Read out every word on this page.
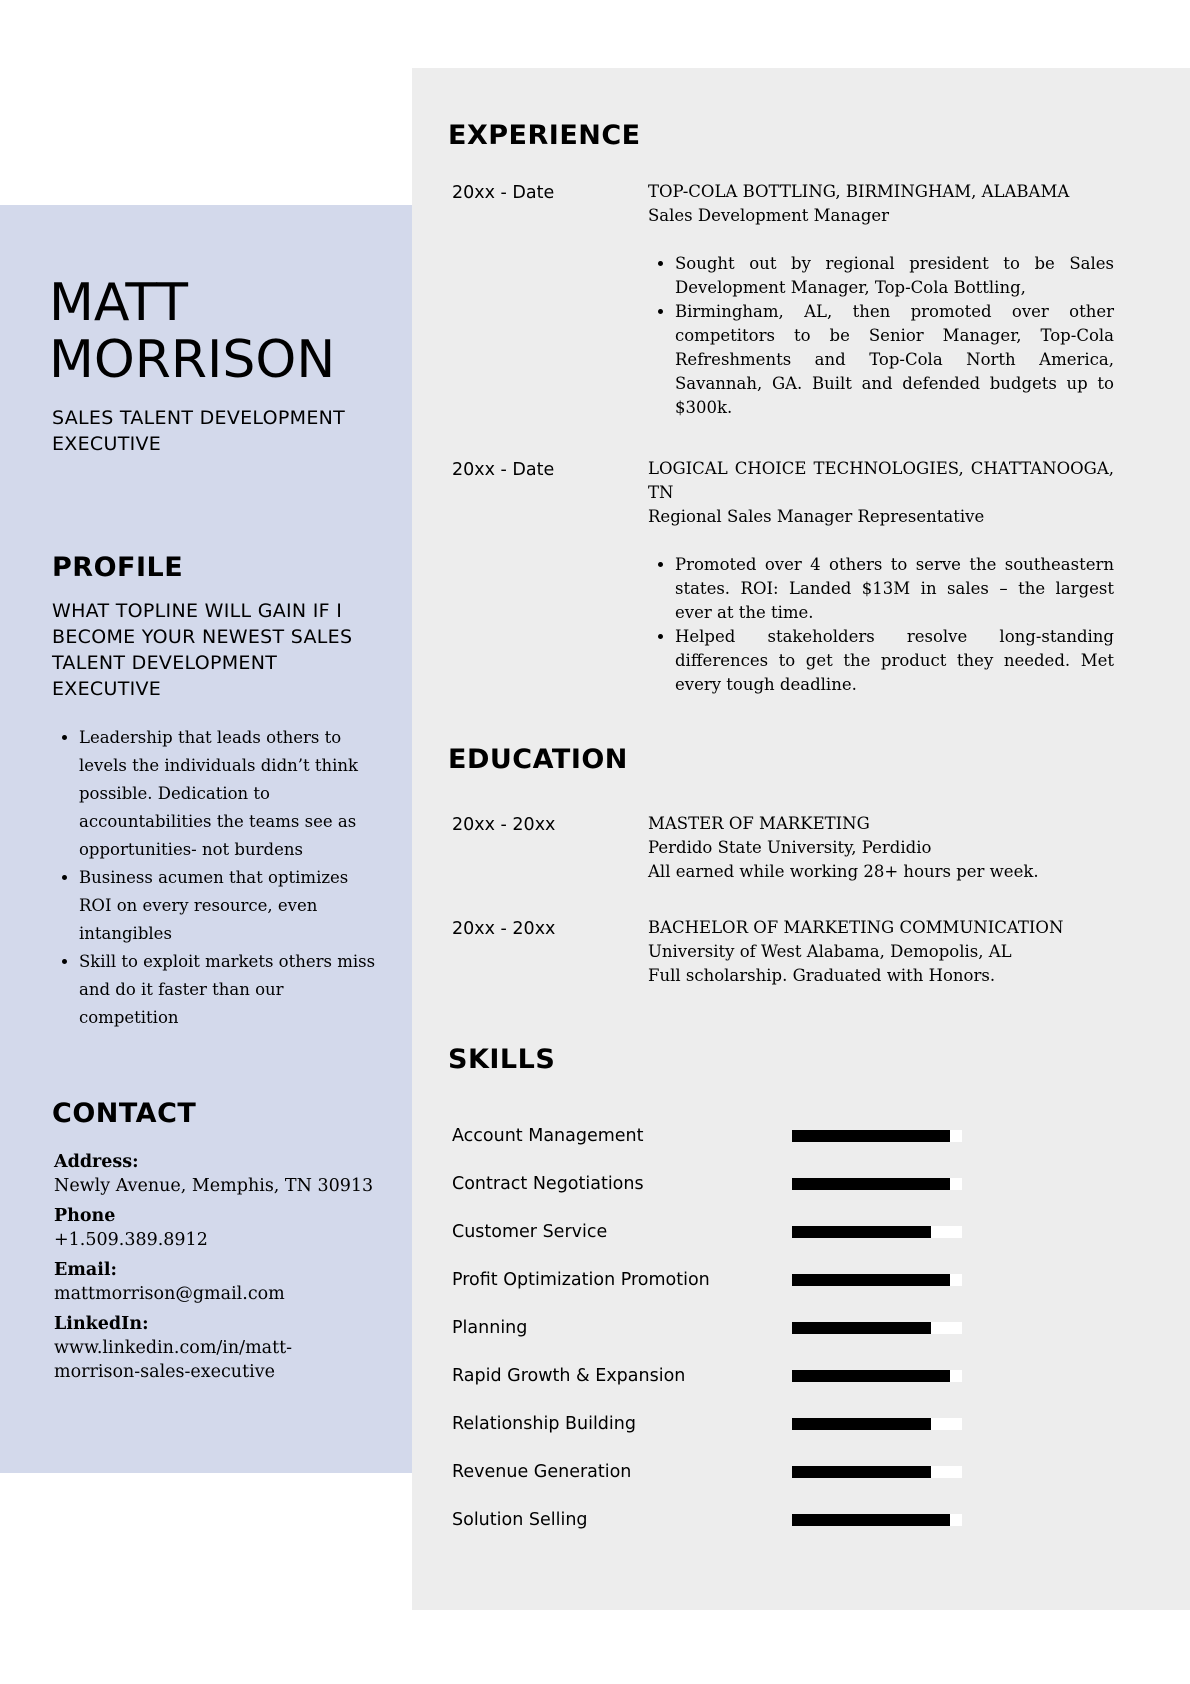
MATT
MORRISON
SALES TALENT DEVELOPMENT EXECUTIVE
PROFILE
WHAT TOPLINE WILL GAIN IF I BECOME YOUR NEWEST SALES TALENT DEVELOPMENT EXECUTIVE
• Leadership that leads others to levels the individuals didn’t think possible. Dedication to accountabilities the teams see as opportunities- not burdens
• Business acumen that optimizes ROI on every resource, even intangibles
• Skill to exploit markets others miss and do it faster than our competition
CONTACT
Address:
Newly Avenue, Memphis, TN 30913
Phone
+1.509.389.8912
Email:
mattmorrison@gmail.com
LinkedIn:
www.linkedin.com/in/matt-morrison-sales-executive
EXPERIENCE
20xx - Date	TOP-COLA BOTTLING, BIRMINGHAM, ALABAMA
Sales Development Manager
• Sought out by regional president to be Sales Development Manager, Top-Cola Bottling,
• Birmingham, AL, then promoted over other competitors to be Senior Manager, Top-Cola Refreshments and Top-Cola North America, Savannah, GA. Built and defended budgets up to $300k.
20xx - Date	LOGICAL CHOICE TECHNOLOGIES, CHATTANOOGA, TN
Regional Sales Manager Representative
• Promoted over 4 others to serve the southeastern states. ROI: Landed $13M in sales – the largest ever at the time.
• Helped stakeholders resolve long-standing differences to get the product they needed. Met every tough deadline.
EDUCATION
20xx - 20xx	MASTER OF MARKETING
Perdido State University, Perdidio
All earned while working 28+ hours per week.
20xx - 20xx	BACHELOR OF MARKETING COMMUNICATION
University of West Alabama, Demopolis, AL
Full scholarship. Graduated with Honors.
SKILLS
Account Management
Contract Negotiations
Customer Service
Profit Optimization Promotion
Planning
Rapid Growth & Expansion
Relationship Building
Revenue Generation
Solution Selling
